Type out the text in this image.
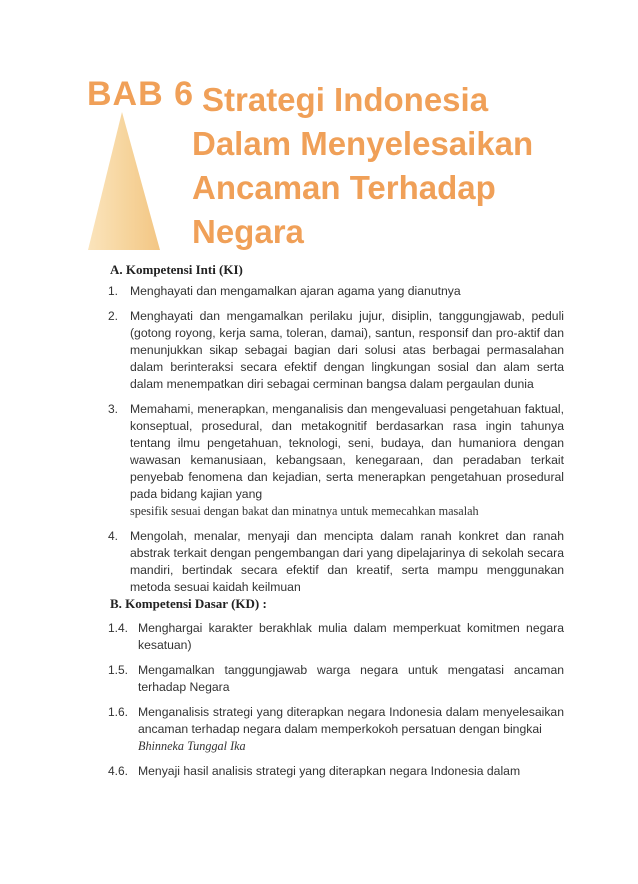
BAB 6 Strategi Indonesia
Dalam Menyelesaikan
Ancaman Terhadap
Negara
A. Kompetensi Inti (KI)
1. Menghayati dan mengamalkan ajaran agama yang dianutnya
2. Menghayati dan mengamalkan perilaku jujur, disiplin, tanggungjawab, peduli (gotong royong, kerja sama, toleran, damai), santun, responsif dan pro-aktif dan menunjukkan sikap sebagai bagian dari solusi atas berbagai permasalahan dalam berinteraksi secara efektif dengan lingkungan sosial dan alam serta dalam menempatkan diri sebagai cerminan bangsa dalam pergaulan dunia
3. Memahami, menerapkan, menganalisis dan mengevaluasi pengetahuan faktual, konseptual, prosedural, dan metakognitif berdasarkan rasa ingin tahunya tentang ilmu pengetahuan, teknologi, seni, budaya, dan humaniora dengan wawasan kemanusiaan, kebangsaan, kenegaraan, dan peradaban terkait penyebab fenomena dan kejadian, serta menerapkan pengetahuan prosedural pada bidang kajian yang
spesifik sesuai dengan bakat dan minatnya untuk memecahkan masalah
4. Mengolah, menalar, menyaji dan mencipta dalam ranah konkret dan ranah abstrak terkait dengan pengembangan dari yang dipelajarinya di sekolah secara mandiri, bertindak secara efektif dan kreatif, serta mampu menggunakan metoda sesuai kaidah keilmuan
B. Kompetensi Dasar (KD) :
1.4. Menghargai karakter berakhlak mulia dalam memperkuat komitmen negara kesatuan)
1.5. Mengamalkan tanggungjawab warga negara untuk mengatasi ancaman terhadap Negara
1.6. Menganalisis strategi yang diterapkan negara Indonesia dalam menyelesaikan ancaman terhadap negara dalam memperkokoh persatuan dengan bingkai
Bhinneka Tunggal Ika
4.6. Menyaji hasil analisis strategi yang diterapkan negara Indonesia dalam
